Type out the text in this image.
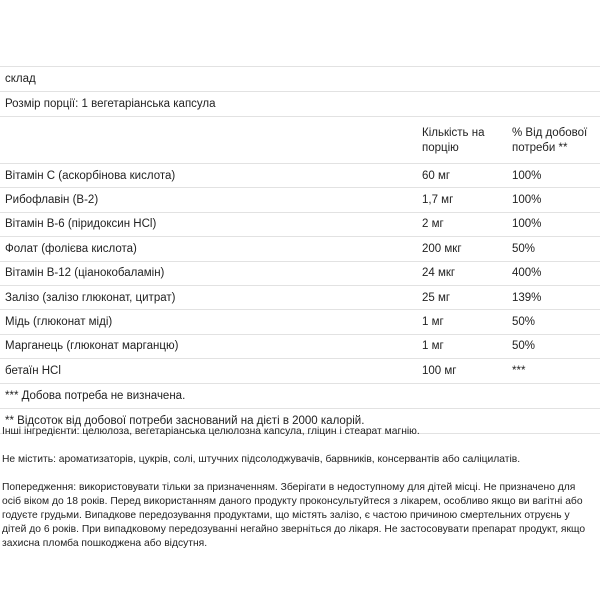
склад		
Розмір порції: 1 вегетаріанська капсула		
	Кількість на порцію	% Від добової потреби **
Вітамін C (аскорбінова кислота)	60 мг	100%
Рибофлавін (B-2)	1,7 мг	100%
Вітамін B-6 (піридоксин HCl)	2 мг	100%
Фолат (фолієва кислота)	200 мкг	50%
Вітамін B-12 (ціанокобаламін)	24 мкг	400%
Залізо (залізо глюконат, цитрат)	25 мг	139%
Мідь (глюконат міді)	1 мг	50%
Марганець (глюконат марганцю)	1 мг	50%
бетаїн HCl	100 мг	***
*** Добова потреба не визначена.		
** Відсоток від добової потреби заснований на дієті в 2000 калорій.		

Інші інгредієнти: целюлоза, вегетаріанська целюлозна капсула, гліцин і стеарат магнію.

Не містить: ароматизаторів, цукрів, солі, штучних підсолоджувачів, барвників, консервантів або саліцилатів.

Попередження: використовувати тільки за призначенням. Зберігати в недоступному для дітей місці. Не призначено для осіб віком до 18 років. Перед використанням даного продукту проконсультуйтеся з лікарем, особливо якщо ви вагітні або годуєте грудьми. Випадкове передозування продуктами, що містять залізо, є частою причиною смертельних отруєнь у дітей до 6 років. При випадковому передозуванні негайно зверніться до лікаря. Не застосовувати препарат продукт, якщо захисна пломба пошкоджена або відсутня.
